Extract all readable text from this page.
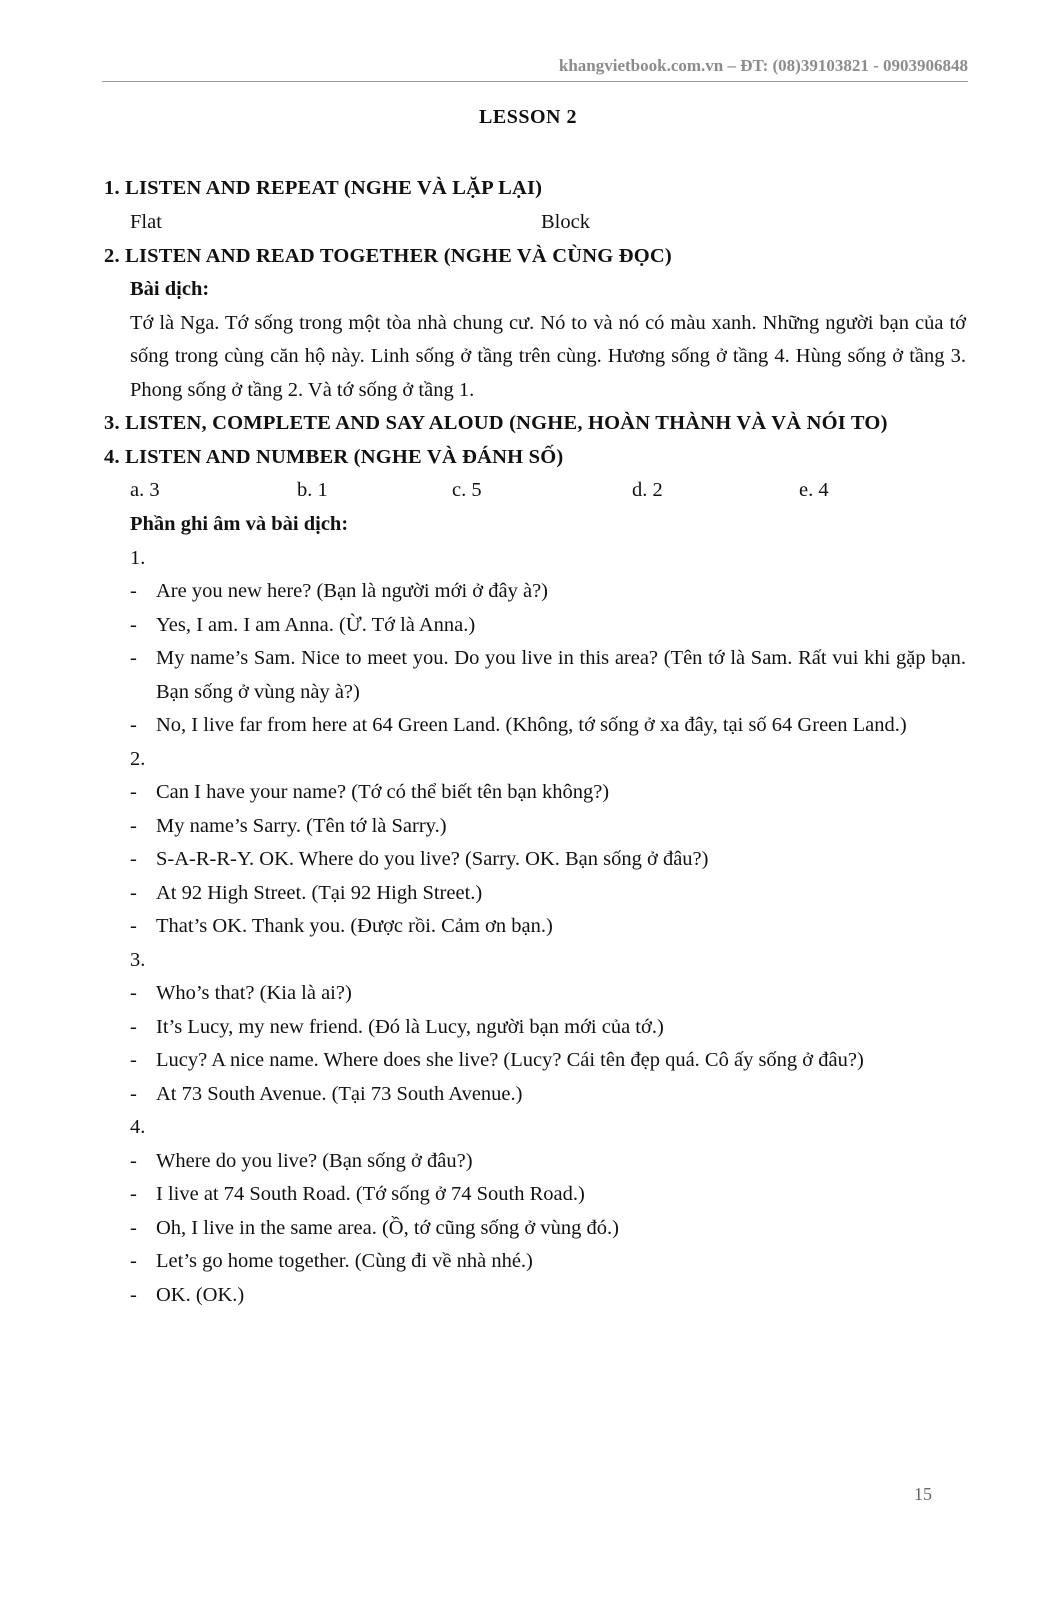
khangvietbook.com.vn – ĐT: (08)39103821 - 0903906848
LESSON 2
1. LISTEN AND REPEAT (NGHE VÀ LẶP LẠI)
Flat	Block
2. LISTEN AND READ TOGETHER (NGHE VÀ CÙNG ĐỌC)
Bài dịch:
Tớ là Nga. Tớ sống trong một tòa nhà chung cư. Nó to và nó có màu xanh. Những người bạn của tớ sống trong cùng căn hộ này. Linh sống ở tầng trên cùng. Hương sống ở tầng 4. Hùng sống ở tầng 3. Phong sống ở tầng 2. Và tớ sống ở tầng 1.
3. LISTEN, COMPLETE AND SAY ALOUD (NGHE, HOÀN THÀNH VÀ VÀ NÓI TO)
4. LISTEN AND NUMBER (NGHE VÀ ĐÁNH SỐ)
a. 3	b. 1	c. 5	d. 2	e. 4
Phần ghi âm và bài dịch:
1.
- Are you new here? (Bạn là người mới ở đây à?)
- Yes, I am. I am Anna. (Ừ. Tớ là Anna.)
- My name’s Sam. Nice to meet you. Do you live in this area? (Tên tớ là Sam. Rất vui khi gặp bạn. Bạn sống ở vùng này à?)
- No, I live far from here at 64 Green Land. (Không, tớ sống ở xa đây, tại số 64 Green Land.)
2.
- Can I have your name? (Tớ có thể biết tên bạn không?)
- My name’s Sarry. (Tên tớ là Sarry.)
- S-A-R-R-Y. OK. Where do you live? (Sarry. OK. Bạn sống ở đâu?)
- At 92 High Street. (Tại 92 High Street.)
- That’s OK. Thank you. (Được rồi. Cảm ơn bạn.)
3.
- Who’s that? (Kia là ai?)
- It’s Lucy, my new friend. (Đó là Lucy, người bạn mới của tớ.)
- Lucy? A nice name. Where does she live? (Lucy? Cái tên đẹp quá. Cô ấy sống ở đâu?)
- At 73 South Avenue. (Tại 73 South Avenue.)
4.
- Where do you live? (Bạn sống ở đâu?)
- I live at 74 South Road. (Tớ sống ở 74 South Road.)
- Oh, I live in the same area. (Ồ, tớ cũng sống ở vùng đó.)
- Let’s go home together. (Cùng đi về nhà nhé.)
- OK. (OK.)
15
